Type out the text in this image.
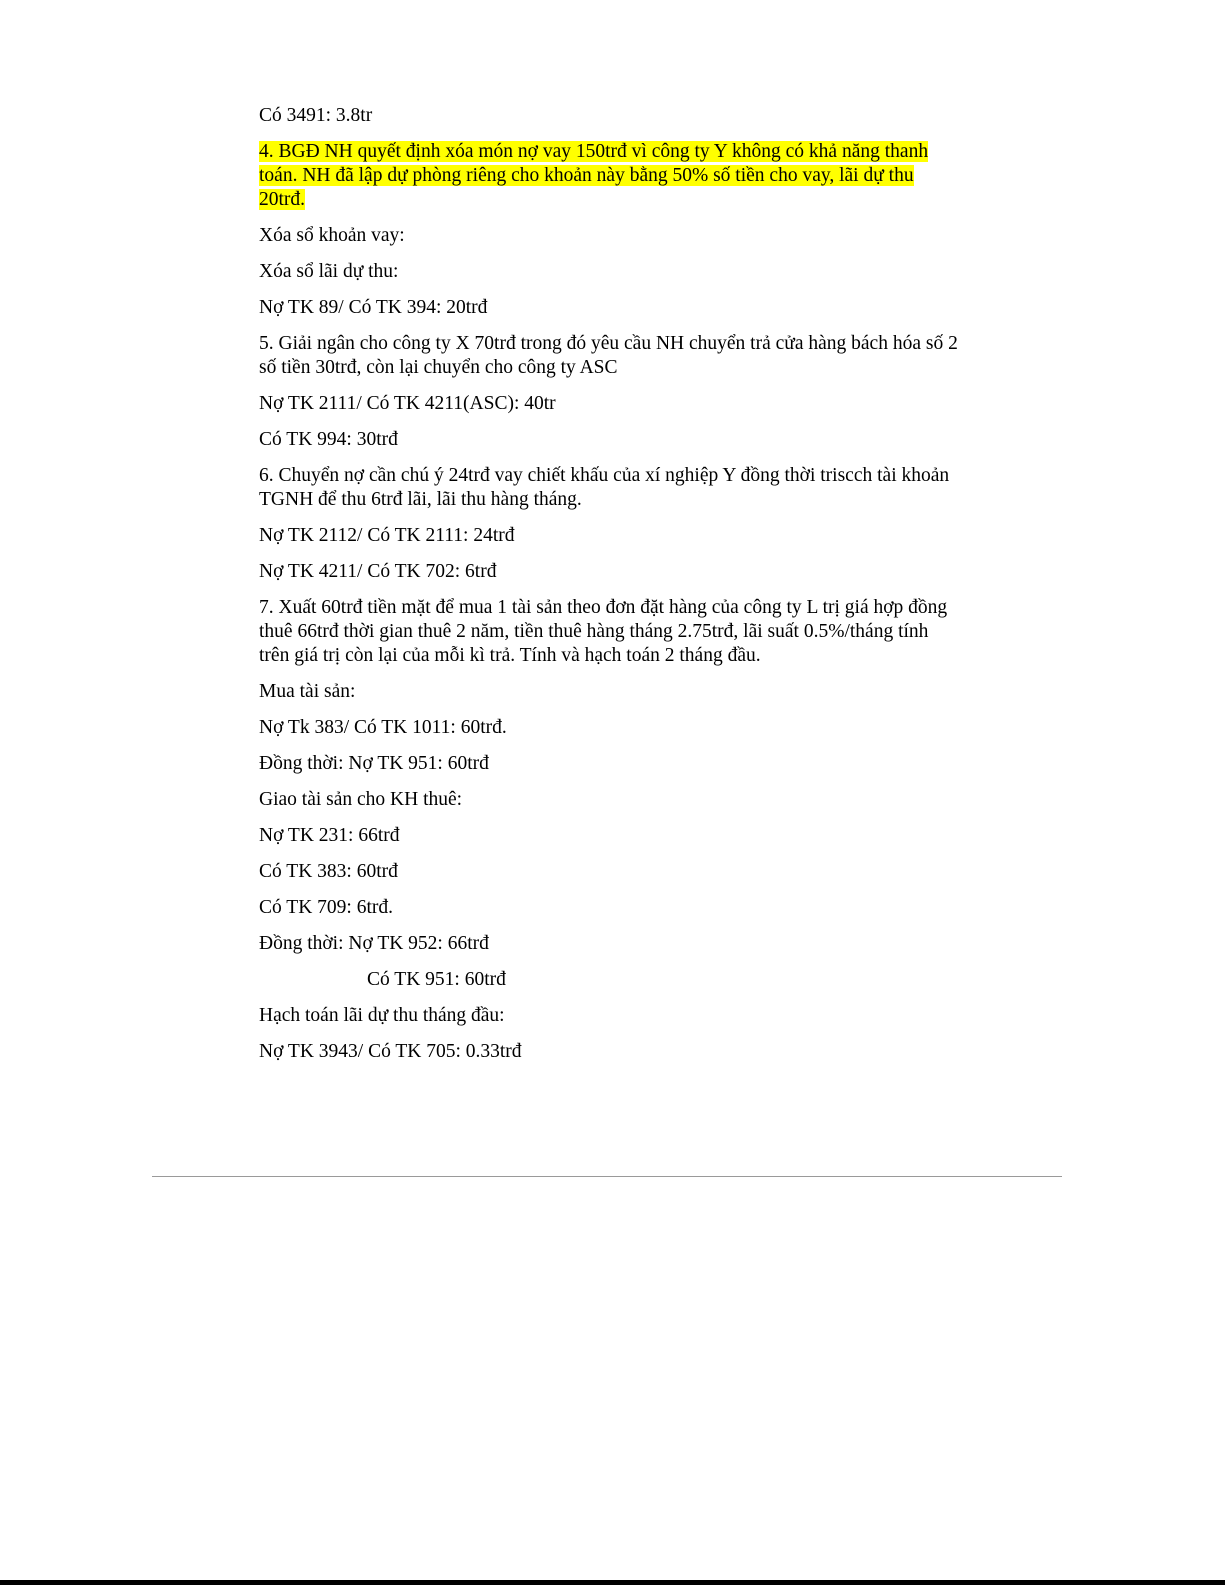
Có 3491: 3.8tr

4. BGĐ NH quyết định xóa món nợ vay 150trđ vì công ty Y không có khả năng thanh
toán. NH đã lập dự phòng riêng cho khoản này bằng 50% số tiền cho vay, lãi dự thu
20trđ.

Xóa sổ khoản vay:

Xóa sổ lãi dự thu:

Nợ TK 89/ Có TK 394: 20trđ

5. Giải ngân cho công ty X 70trđ trong đó yêu cầu NH chuyển trả cửa hàng bách hóa số 2
số tiền 30trđ, còn lại chuyển cho công ty ASC

Nợ TK 2111/ Có TK 4211(ASC): 40tr

Có TK 994: 30trđ

6. Chuyển nợ cần chú ý 24trđ vay chiết khấu của xí nghiệp Y đồng thời trisсch tài khoản
TGNH để thu 6trđ lãi, lãi thu hàng tháng.

Nợ TK 2112/ Có TK 2111: 24trđ

Nợ TK 4211/ Có TK 702: 6trđ

7. Xuất 60trđ tiền mặt để mua 1 tài sản theo đơn đặt hàng của công ty L trị giá hợp đồng
thuê 66trđ thời gian thuê 2 năm, tiền thuê hàng tháng 2.75trđ, lãi suất 0.5%/tháng tính
trên giá trị còn lại của mỗi kì trả. Tính và hạch toán 2 tháng đầu.

Mua tài sản:

Nợ Tk 383/ Có TK 1011: 60trđ.

Đồng thời: Nợ TK 951: 60trđ

Giao tài sản cho KH thuê:

Nợ TK 231: 66trđ

Có TK 383: 60trđ

Có TK 709: 6trđ.

Đồng thời: Nợ TK 952: 66trđ

Có TK 951: 60trđ

Hạch toán lãi dự thu tháng đầu:

Nợ TK 3943/ Có TK 705: 0.33trđ
